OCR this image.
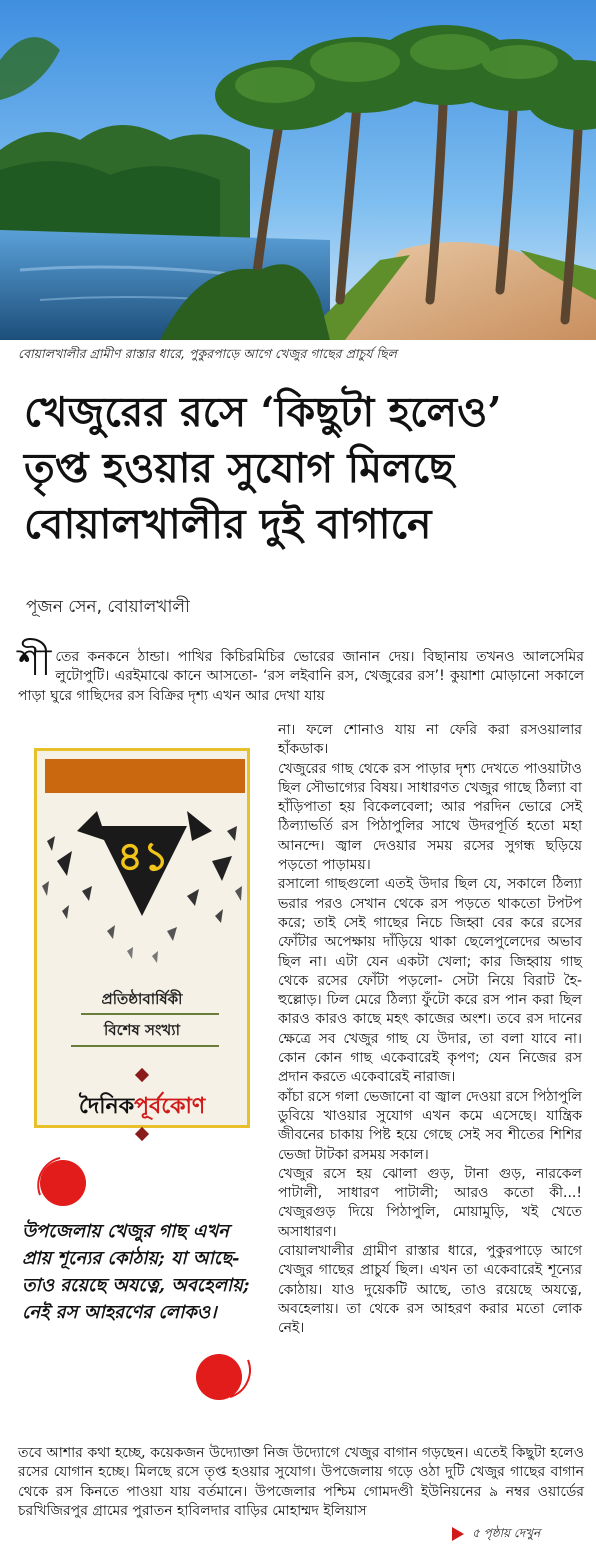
বোয়ালখালীর গ্রামীণ রাস্তার ধারে, পুকুরপাড়ে আগে খেজুর গাছের প্রাচুর্য ছিল
খেজুরের রসে ‘কিছুটা হলেও’
তৃপ্ত হওয়ার সুযোগ মিলছে
বোয়ালখালীর দুই বাগানে
পূজন সেন, বোয়ালখালী
শীতের কনকনে ঠান্ডা। পাখির কিচিরমিচির ভোরের জানান দেয়। বিছানায় তখনও আলসেমির লুটোপুটি। এরইমাঝে কানে আসতো- ‘রস লইবানি রস, খেজুরের রস’! কুয়াশা মোড়ানো সকালে পাড়া ঘুরে গাছিদের রস বিক্রির দৃশ্য এখন আর দেখা যায়
৪১
প্রতিষ্ঠাবার্ষিকী
বিশেষ সংখ্যা
দৈনিকপূর্বকোণ

না। ফলে শোনাও যায় না ফেরি করা রসওয়ালার হাঁকডাক।

খেজুরের গাছ থেকে রস পাড়ার দৃশ্য দেখতে পাওয়াটাও ছিল সৌভাগ্যের বিষয়। সাধারণত খেজুর গাছে ঠিল্যা বা হাঁড়িপাতা হয় বিকেলবেলা; আর পরদিন ভোরে সেই ঠিল্যাভর্তি রস পিঠাপুলির সাথে উদরপূর্তি হতো মহা আনন্দে। জ্বাল দেওয়ার সময় রসের সুগন্ধ ছড়িয়ে পড়তো পাড়াময়।

রসালো গাছগুলো এতই উদার ছিল যে, সকালে ঠিল্যা ভরার পরও সেখান থেকে রস পড়তে থাকতো টপটপ করে; তাই সেই গাছের নিচে জিহ্বা বের করে রসের ফোঁটার অপেক্ষায় দাঁড়িয়ে থাকা ছেলেপুলেদের অভাব ছিল না। এটা যেন একটা খেলা; কার জিহ্বায় গাছ থেকে রসের ফোঁটা পড়লো- সেটা নিয়ে বিরাট হৈ-হুল্লোড়। ঢিল মেরে ঠিল্যা ফুঁটো করে রস পান করা ছিল কারও কারও কাছে মহৎ কাজের অংশ। তবে রস দানের ক্ষেত্রে সব খেজুর গাছ যে উদার, তা বলা যাবে না। কোন কোন গাছ একেবারেই কৃপণ; যেন নিজের রস প্রদান করতে একেবারেই নারাজ।

কাঁচা রসে গলা ভেজানো বা জ্বাল দেওয়া রসে পিঠাপুলি ডুবিয়ে খাওয়ার সুযোগ এখন কমে এসেছে। যান্ত্রিক জীবনের চাকায় পিষ্ট হয়ে গেছে সেই সব শীতের শিশির ভেজা টাটকা রসময় সকাল।

খেজুর রসে হয় ঝোলা গুড়, টানা গুড়, নারকেল পাটালী, সাধারণ পাটালী; আরও কতো কী...! খেজুরগুড় দিয়ে পিঠাপুলি, মোয়ামুড়ি, খই খেতে অসাধারণ।

বোয়ালখালীর গ্রামীণ রাস্তার ধারে, পুকুরপাড়ে আগে খেজুর গাছের প্রাচুর্য ছিল। এখন তা একেবারেই শূন্যের কোঠায়। যাও দুয়েকটি আছে, তাও রয়েছে অযত্নে, অবহেলায়। তা থেকে রস আহরণ করার মতো লোক নেই।

উপজেলায় খেজুর গাছ এখন প্রায় শূন্যের কোঠায়; যা আছে- তাও রয়েছে অযত্নে, অবহেলায়; নেই রস আহরণের লোকও।

তবে আশার কথা হচ্ছে, কয়েকজন উদ্যোক্তা নিজ উদ্যোগে খেজুর বাগান গড়ছেন। এতেই কিছুটা হলেও রসের যোগান হচ্ছে। মিলছে রসে তৃপ্ত হওয়ার সুযোগ। উপজেলায় গড়ে ওঠা দুটি খেজুর গাছের বাগান থেকে রস কিনতে পাওয়া যায় বর্তমানে। উপজেলার পশ্চিম গোমদণ্ডী ইউনিয়নের ৯ নম্বর ওয়ার্ডের চরখিজিরপুর গ্রামের পুরাতন হাবিলদার বাড়ির মোহাম্মদ ইলিয়াস

৫ পৃষ্ঠায় দেখুন
